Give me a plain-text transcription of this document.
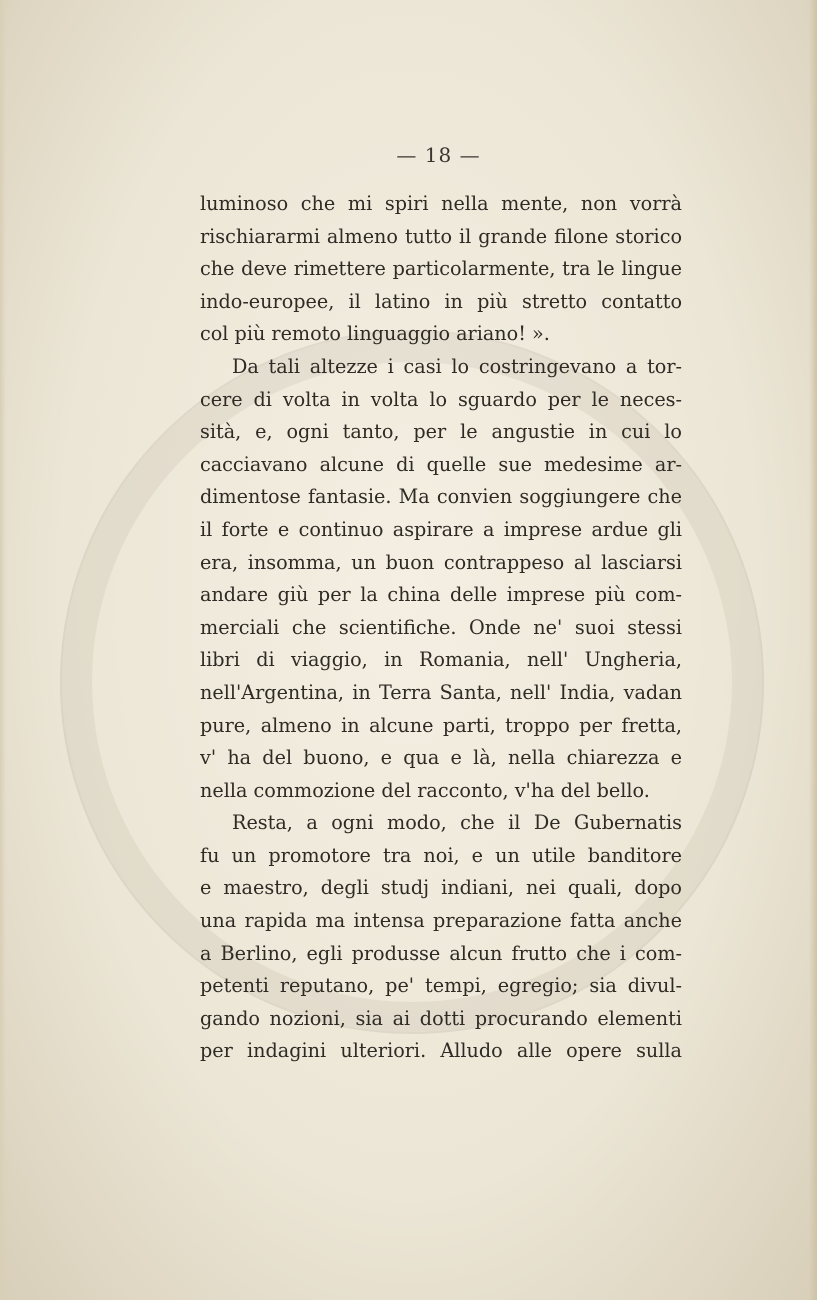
— 18 —
luminoso che mi spiri nella mente, non vorrà
rischiararmi almeno tutto il grande filone storico
che deve rimettere particolarmente, tra le lingue
indo-europee, il latino in più stretto contatto
col più remoto linguaggio ariano! ».
Da tali altezze i casi lo costringevano a tor-
cere di volta in volta lo sguardo per le neces-
sità, e, ogni tanto, per le angustie in cui lo
cacciavano alcune di quelle sue medesime ar-
dimentose fantasie. Ma convien soggiungere che
il forte e continuo aspirare a imprese ardue gli
era, insomma, un buon contrappeso al lasciarsi
andare giù per la china delle imprese più com-
merciali che scientifiche. Onde ne' suoi stessi
libri di viaggio, in Romania, nell' Ungheria,
nell'Argentina, in Terra Santa, nell' India, vadan
pure, almeno in alcune parti, troppo per fretta,
v' ha del buono, e qua e là, nella chiarezza e
nella commozione del racconto, v'ha del bello.
Resta, a ogni modo, che il De Gubernatis
fu un promotore tra noi, e un utile banditore
e maestro, degli studj indiani, nei quali, dopo
una rapida ma intensa preparazione fatta anche
a Berlino, egli produsse alcun frutto che i com-
petenti reputano, pe' tempi, egregio; sia divul-
gando nozioni, sia ai dotti procurando elementi
per indagini ulteriori. Alludo alle opere sulla
